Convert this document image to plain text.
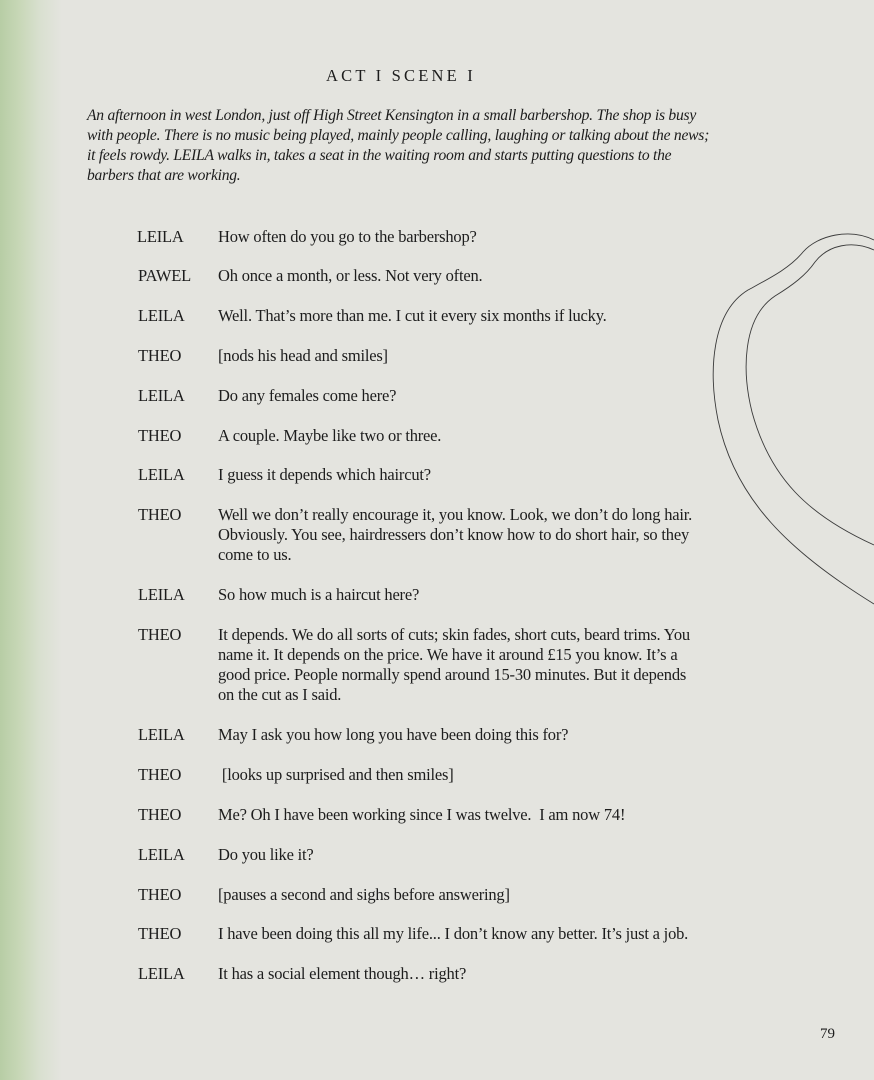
ACT I SCENE I

An afternoon in west London, just off High Street Kensington in a small barbershop. The shop is busy with people. There is no music being played, mainly people calling, laughing or talking about the news; it feels rowdy. LEILA walks in, takes a seat in the waiting room and starts putting questions to the barbers that are working.

LEILA How often do you go to the barbershop?
PAWEL Oh once a month, or less. Not very often.
LEILA Well. That’s more than me. I cut it every six months if lucky.
THEO [nods his head and smiles]
LEILA Do any females come here?
THEO A couple. Maybe like two or three.
LEILA I guess it depends which haircut?
THEO Well we don’t really encourage it, you know. Look, we don’t do long hair. Obviously. You see, hairdressers don’t know how to do short hair, so they come to us.
LEILA So how much is a haircut here?
THEO It depends. We do all sorts of cuts; skin fades, short cuts, beard trims. You name it. It depends on the price. We have it around £15 you know. It’s a good price. People normally spend around 15-30 minutes. But it depends on the cut as I said.
LEILA May I ask you how long you have been doing this for?
THEO [looks up surprised and then smiles]
THEO Me? Oh I have been working since I was twelve.  I am now 74!
LEILA Do you like it?
THEO [pauses a second and sighs before answering]
THEO I have been doing this all my life... I don’t know any better. It’s just a job.
LEILA It has a social element though… right?
79
